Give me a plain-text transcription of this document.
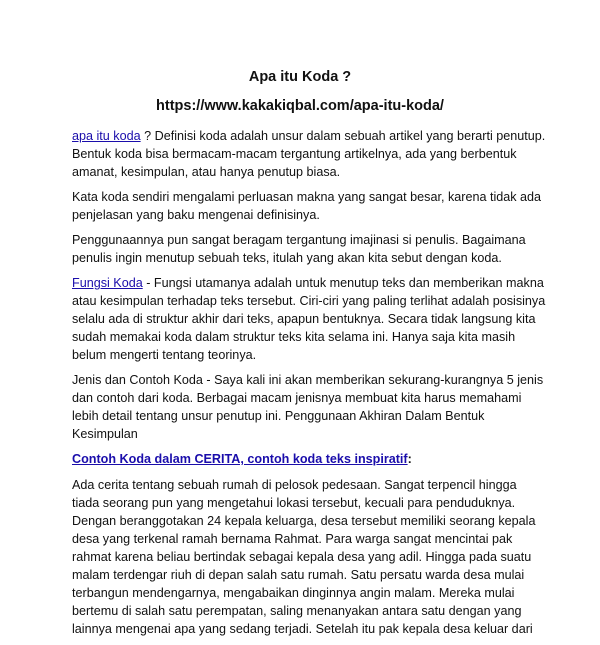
Apa itu Koda ?
https://www.kakakiqbal.com/apa-itu-koda/
apa itu koda ? Definisi koda adalah unsur dalam sebuah artikel yang berarti penutup.
Bentuk koda bisa bermacam-macam tergantung artikelnya, ada yang berbentuk
amanat, kesimpulan, atau hanya penutup biasa.
Kata koda sendiri mengalami perluasan makna yang sangat besar, karena tidak ada
penjelasan yang baku mengenai definisinya.
Penggunaannya pun sangat beragam tergantung imajinasi si penulis. Bagaimana
penulis ingin menutup sebuah teks, itulah yang akan kita sebut dengan koda.
Fungsi Koda - Fungsi utamanya adalah untuk menutup teks dan memberikan makna
atau kesimpulan terhadap teks tersebut. Ciri-ciri yang paling terlihat adalah posisinya
selalu ada di struktur akhir dari teks, apapun bentuknya. Secara tidak langsung kita
sudah memakai koda dalam struktur teks kita selama ini. Hanya saja kita masih
belum mengerti tentang teorinya.
Jenis dan Contoh Koda - Saya kali ini akan memberikan sekurang-kurangnya 5 jenis
dan contoh dari koda. Berbagai macam jenisnya membuat kita harus memahami
lebih detail tentang unsur penutup ini. Penggunaan Akhiran Dalam Bentuk
Kesimpulan
Contoh Koda dalam CERITA, contoh koda teks inspiratif:
Ada cerita tentang sebuah rumah di pelosok pedesaan. Sangat terpencil hingga
tiada seorang pun yang mengetahui lokasi tersebut, kecuali para penduduknya.
Dengan beranggotakan 24 kepala keluarga, desa tersebut memiliki seorang kepala
desa yang terkenal ramah bernama Rahmat. Para warga sangat mencintai pak
rahmat karena beliau bertindak sebagai kepala desa yang adil. Hingga pada suatu
malam terdengar riuh di depan salah satu rumah. Satu persatu warda desa mulai
terbangun mendengarnya, mengabaikan dinginnya angin malam. Mereka mulai
bertemu di salah satu perempatan, saling menanyakan antara satu dengan yang
lainnya mengenai apa yang sedang terjadi. Setelah itu pak kepala desa keluar dari
